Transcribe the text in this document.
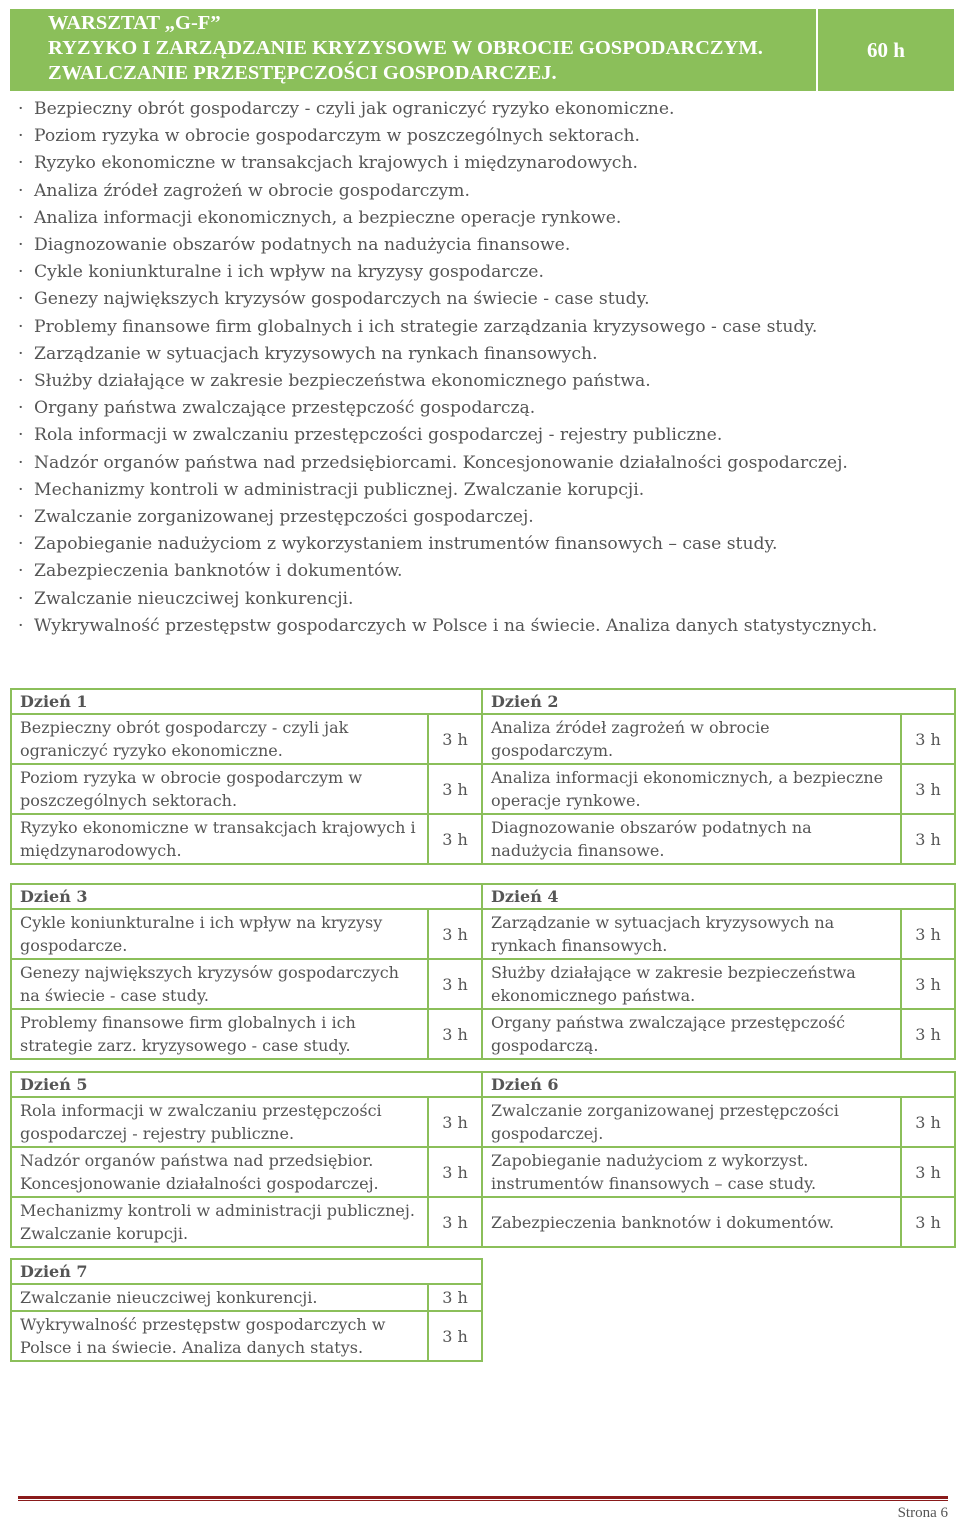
WARSZTAT „G-F”
RYZYKO I ZARZĄDZANIE KRYZYSOWE W OBROCIE GOSPODARCZYM.
ZWALCZANIE PRZESTĘPCZOŚCI GOSPODARCZEJ.
60 h
· Bezpieczny obrót gospodarczy - czyli jak ograniczyć ryzyko ekonomiczne.
· Poziom ryzyka w obrocie gospodarczym w poszczególnych sektorach.
· Ryzyko ekonomiczne w transakcjach krajowych i międzynarodowych.
· Analiza źródeł zagrożeń w obrocie gospodarczym.
· Analiza informacji ekonomicznych, a bezpieczne operacje rynkowe.
· Diagnozowanie obszarów podatnych na nadużycia finansowe.
· Cykle koniunkturalne i ich wpływ na kryzysy gospodarcze.
· Genezy największych kryzysów gospodarczych na świecie - case study.
· Problemy finansowe firm globalnych i ich strategie zarządzania kryzysowego - case study.
· Zarządzanie w sytuacjach kryzysowych na rynkach finansowych.
· Służby działające w zakresie bezpieczeństwa ekonomicznego państwa.
· Organy państwa zwalczające przestępczość gospodarczą.
· Rola informacji w zwalczaniu przestępczości gospodarczej - rejestry publiczne.
· Nadzór organów państwa nad przedsiębiorcami. Koncesjonowanie działalności gospodarczej.
· Mechanizmy kontroli w administracji publicznej. Zwalczanie korupcji.
· Zwalczanie zorganizowanej przestępczości gospodarczej.
· Zapobieganie nadużyciom z wykorzystaniem instrumentów finansowych – case study.
· Zabezpieczenia banknotów i dokumentów.
· Zwalczanie nieuczciwej konkurencji.
· Wykrywalność przestępstw gospodarczych w Polsce i na świecie. Analiza danych statystycznych.
Dzień 1		Dzień 2	
Bezpieczny obrót gospodarczy - czyli jak ograniczyć ryzyko ekonomiczne.	3 h	Analiza źródeł zagrożeń w obrocie gospodarczym.	3 h
Poziom ryzyka w obrocie gospodarczym w poszczególnych sektorach.	3 h	Analiza informacji ekonomicznych, a bezpieczne operacje rynkowe.	3 h
Ryzyko ekonomiczne w transakcjach krajowych i międzynarodowych.	3 h	Diagnozowanie obszarów podatnych na nadużycia finansowe.	3 h
Dzień 3		Dzień 4	
Cykle koniunkturalne i ich wpływ na kryzysy gospodarcze.	3 h	Zarządzanie w sytuacjach kryzysowych na rynkach finansowych.	3 h
Genezy największych kryzysów gospodarczych na świecie - case study.	3 h	Służby działające w zakresie bezpieczeństwa ekonomicznego państwa.	3 h
Problemy finansowe firm globalnych i ich strategie zarz. kryzysowego - case study.	3 h	Organy państwa zwalczające przestępczość gospodarczą.	3 h
Dzień 5		Dzień 6	
Rola informacji w zwalczaniu przestępczości gospodarczej - rejestry publiczne.	3 h	Zwalczanie zorganizowanej przestępczości gospodarczej.	3 h
Nadzór organów państwa nad przedsiębior. Koncesjonowanie działalności gospodarczej.	3 h	Zapobieganie nadużyciom z wykorzyst. instrumentów finansowych – case study.	3 h
Mechanizmy kontroli w administracji publicznej. Zwalczanie korupcji.	3 h	Zabezpieczenia banknotów i dokumentów.	3 h
Dzień 7	
Zwalczanie nieuczciwej konkurencji.	3 h
Wykrywalność przestępstw gospodarczych w Polsce i na świecie. Analiza danych statys.	3 h
Strona 6
